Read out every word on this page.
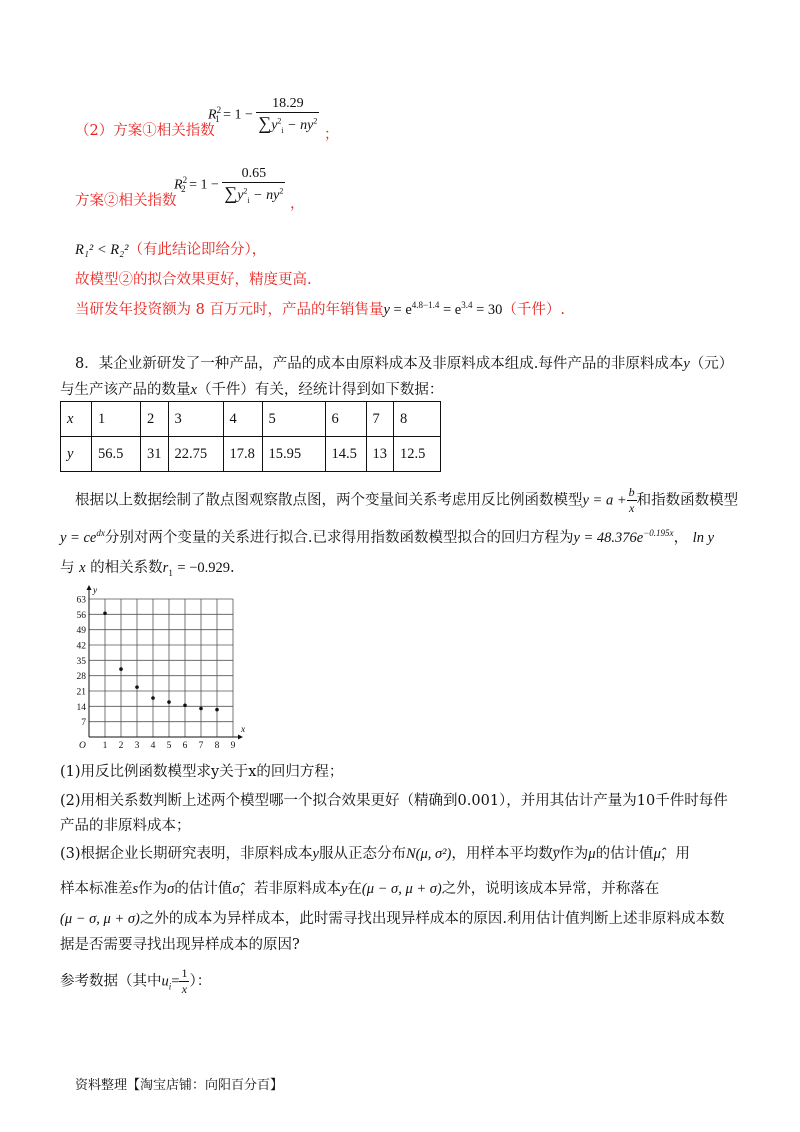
（2）方案①相关指数
$R^2_1 = 1 - \frac{18.29}{\sum y^2_i - ny^2}$
；
方案②相关指数
$R^2_2 = 1 - \frac{0.65}{\sum y^2_i - ny^2}$ ，
R₁² < R₂²（有此结论即给分），
故模型②的拟合效果更好，精度更高.
当研发年投资额为 8 百万元时，产品的年销售量$y = e^{4.8-1.4} = e^{3.4} = 30$（千件）.
8．某企业新研发了一种产品，产品的成本由原料成本及非原料成本组成.每件产品的非原料成本y（元）
与生产该产品的数量x（千件）有关，经统计得到如下数据：
x	1	2	3	4	5	6	7	8
y	56.5	31	22.75	17.8	15.95	14.5	13	12.5
根据以上数据绘制了散点图观察散点图，两个变量间关系考虑用反比例函数模型$y = a + \frac{b}{x}$ 和指数函数模型
$y = ce^{dx}$分别对两个变量的关系进行拟合.已求得用指数函数模型拟合的回归方程为$y = 48.376e^{-0.195x}$， ln y
与 x 的相关系数$r_1 = -0.929$.
1 2 3 4 5 6 7 8 9
7
14
21
28
35
42
49
56
63
O
x
y
(1)用反比例函数模型求y关于x的回归方程；
(2)用相关系数判断上述两个模型哪一个拟合效果更好（精确到0.001），并用其估计产量为10千件时每件
产品的非原料成本；
(3)根据企业长期研究表明，非原料成本y服从正态分布N(μ, σ²)，用样本平均数y̅作为μ的估计值μ̂，用
样本标准差s作为σ的估计值σ̂，若非原料成本y在(μ − σ, μ + σ)之外，说明该成本异常，并称落在
(μ − σ, μ + σ)之外的成本为异样成本，此时需寻找出现异样成本的原因.利用估计值判断上述非原料成本数
据是否需要寻找出现异样成本的原因?
参考数据（其中$u_i= \frac{1}{x}$ ）：
资料整理【淘宝店铺：向阳百分百】
